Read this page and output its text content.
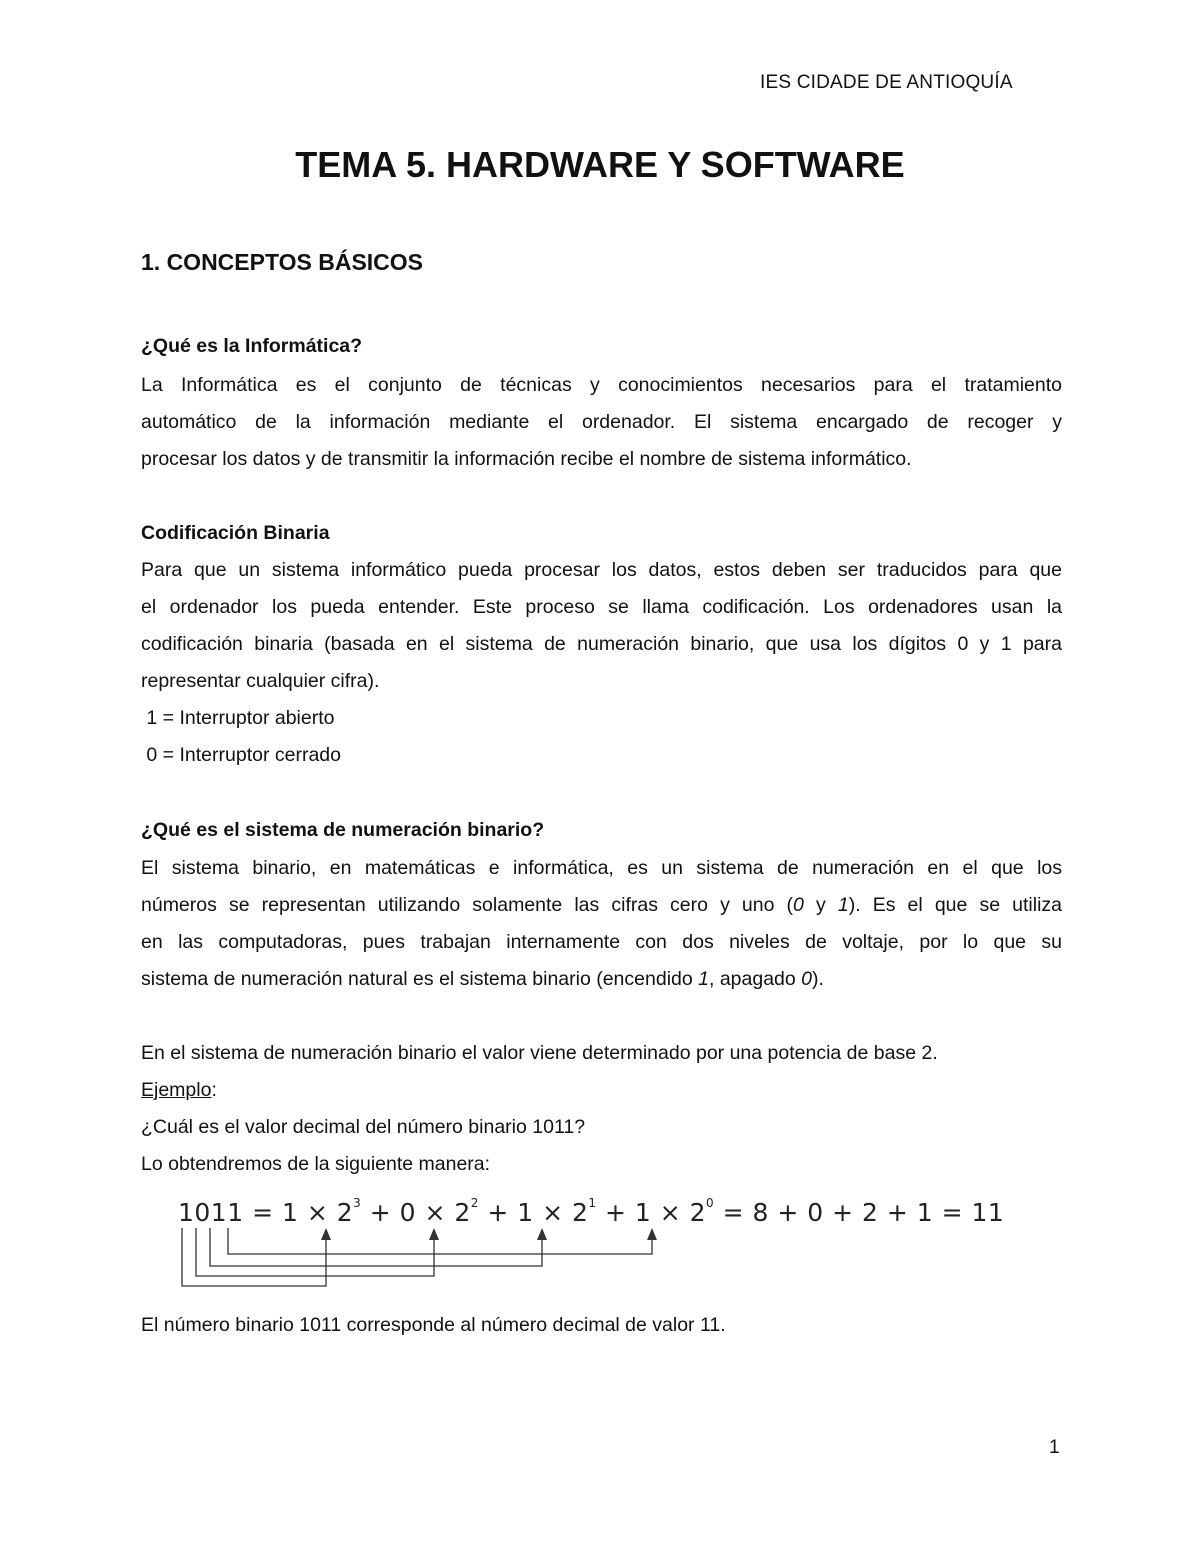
IES CIDADE DE ANTIOQUÍA
TEMA 5. HARDWARE Y SOFTWARE
1. CONCEPTOS BÁSICOS
¿Qué es la Informática?
La Informática es el conjunto de técnicas y conocimientos necesarios para el tratamiento
automático de la información mediante el ordenador. El sistema encargado de recoger y
procesar los datos y de transmitir la información recibe el nombre de sistema informático.
Codificación Binaria
Para que un sistema informático pueda procesar los datos, estos deben ser traducidos para que
el ordenador los pueda entender. Este proceso se llama codificación. Los ordenadores usan la
codificación binaria (basada en el sistema de numeración binario, que usa los dígitos 0 y 1 para
representar cualquier cifra).
1 = Interruptor abierto
0 = Interruptor cerrado
¿Qué es el sistema de numeración binario?
El sistema binario, en matemáticas e informática, es un sistema de numeración en el que los
números se representan utilizando solamente las cifras cero y uno (0 y 1). Es el que se utiliza
en las computadoras, pues trabajan internamente con dos niveles de voltaje, por lo que su
sistema de numeración natural es el sistema binario (encendido 1, apagado 0).
En el sistema de numeración binario el valor viene determinado por una potencia de base 2.
Ejemplo:
¿Cuál es el valor decimal del número binario 1011?
Lo obtendremos de la siguiente manera:
$1011 = 1 \times 2^3 + 0 \times 2^2 + 1 \times 2^1 + 1 \times 2^0 = 8 + 0 + 2 + 1 = 11$
El número binario 1011 corresponde al número decimal de valor 11.
1
